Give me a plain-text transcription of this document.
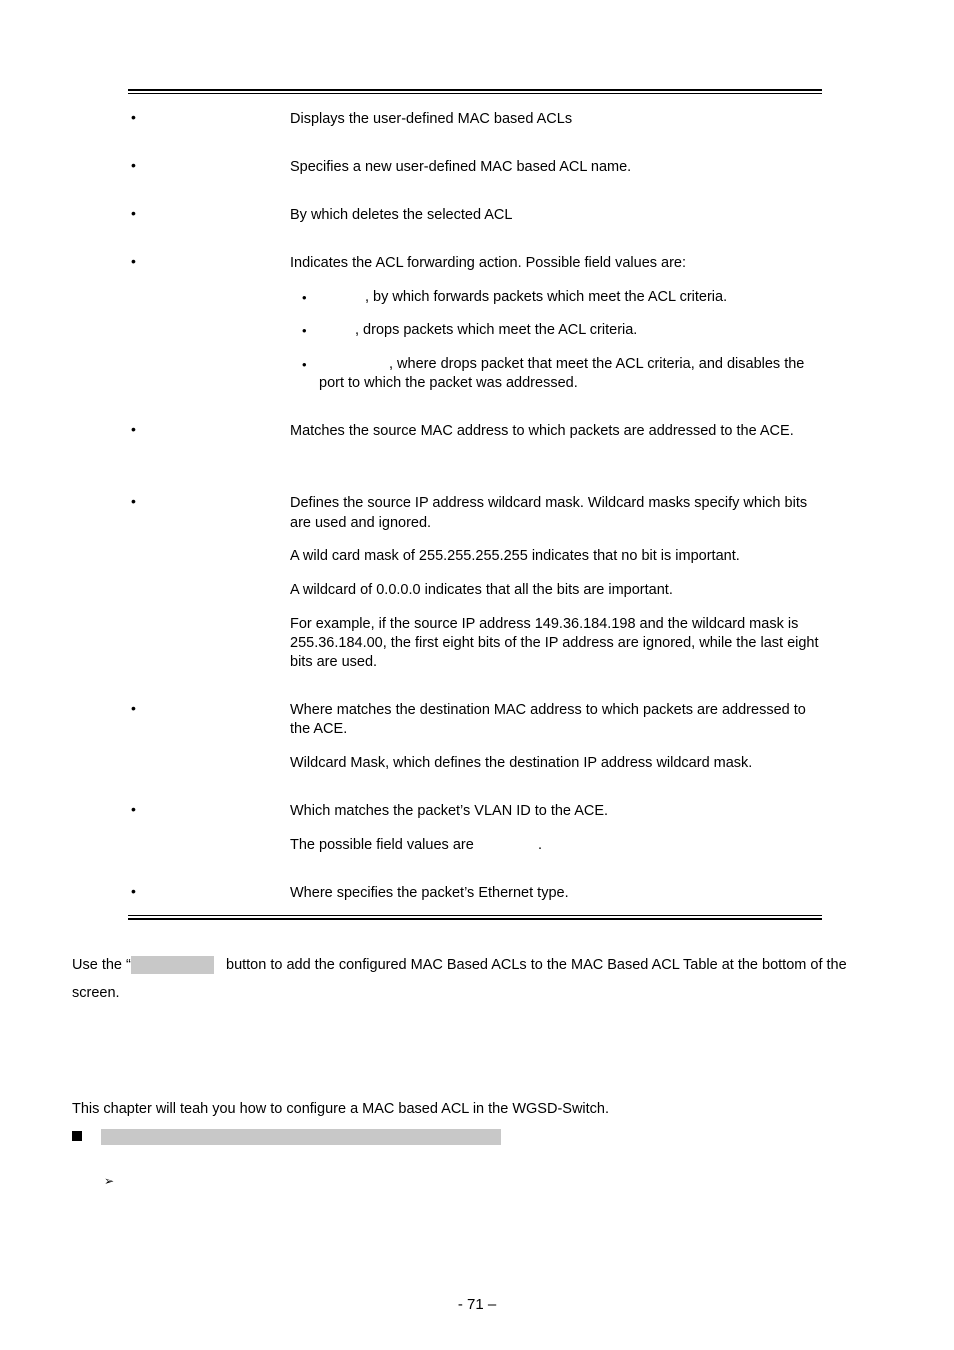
•	Displays the user-defined MAC based ACLs
•	Specifies a new user-defined MAC based ACL name.
•	By which deletes the selected ACL
•	Indicates the ACL forwarding action. Possible field values are:
•	, by which forwards packets which meet the ACL criteria.
•	, drops packets which meet the ACL criteria.
•	, where drops packet that meet the ACL criteria, and disables the
port to which the packet was addressed.
•	Matches the source MAC address to which packets are addressed to the ACE.
•	Defines the source IP address wildcard mask. Wildcard masks specify which bits
are used and ignored.
A wild card mask of 255.255.255.255 indicates that no bit is important.
A wildcard of 0.0.0.0 indicates that all the bits are important.
For example, if the source IP address 149.36.184.198 and the wildcard mask is
255.36.184.00, the first eight bits of the IP address are ignored, while the last eight
bits are used.
•	Where matches the destination MAC address to which packets are addressed to
the ACE.
Wildcard Mask, which defines the destination IP address wildcard mask.
•	Which matches the packet’s VLAN ID to the ACE.
The possible field values are	.
•	Where specifies the packet’s Ethernet type.
Use the “	button to add the configured MAC Based ACLs to the MAC Based ACL Table at the bottom of the
screen.
This chapter will teah you how to configure a MAC based ACL in the WGSD-Switch.
➢
- 71 –
